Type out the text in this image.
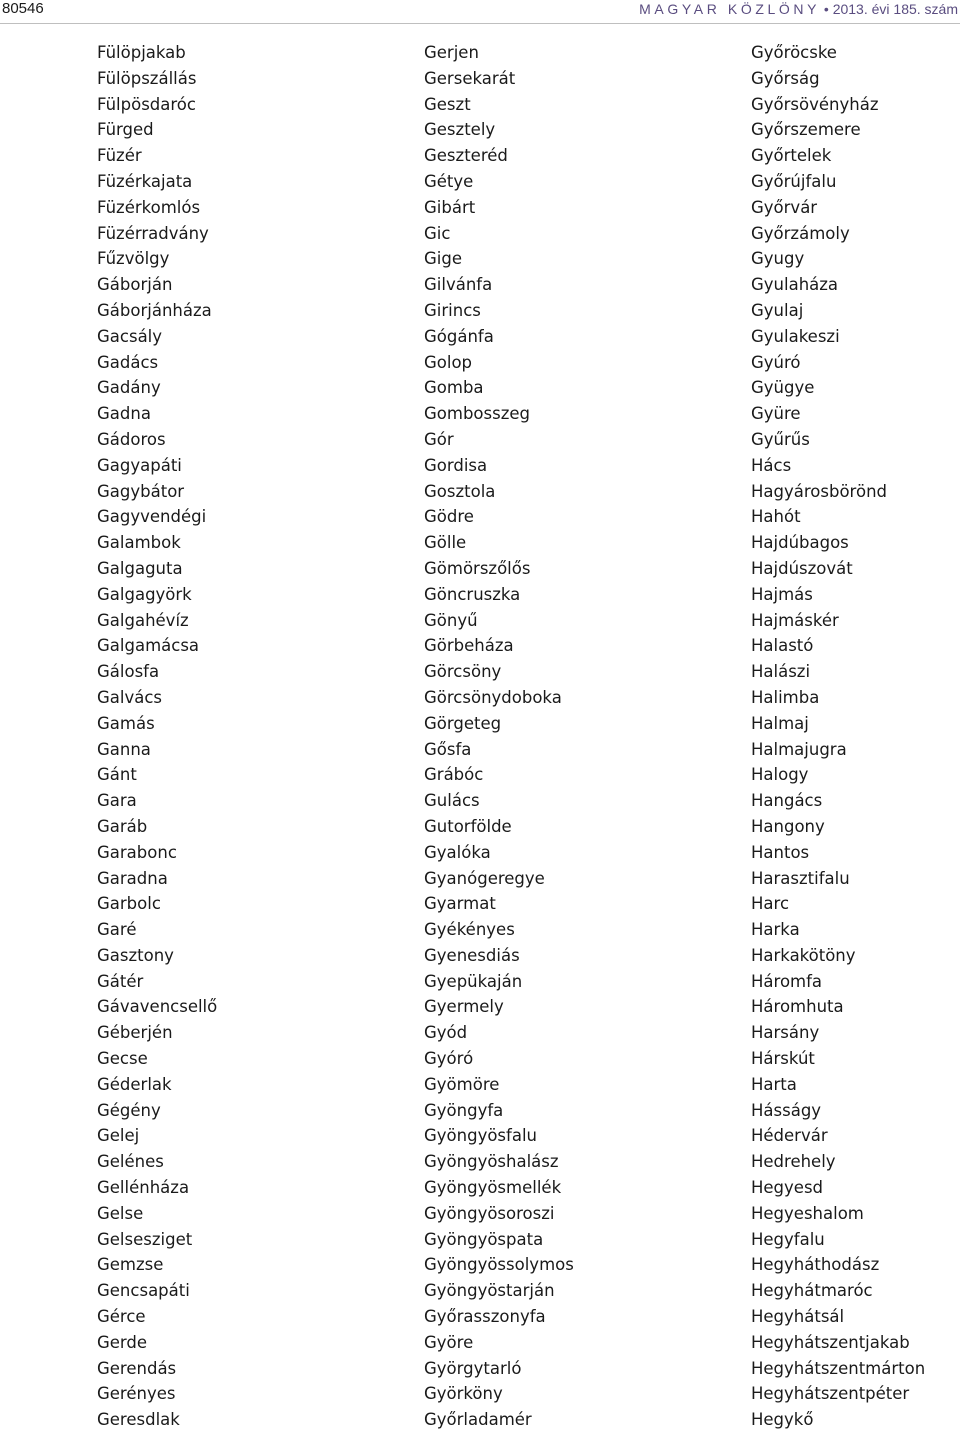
80546	MAGYAR KÖZLÖNY • 2013. évi 185. szám
Fülöpjakab
Fülöpszállás
Fülpösdaróc
Fürged
Füzér
Füzérkajata
Füzérkomlós
Füzérradvány
Fűzvölgy
Gáborján
Gáborjánháza
Gacsály
Gadács
Gadány
Gadna
Gádoros
Gagyapáti
Gagybátor
Gagyvendégi
Galambok
Galgaguta
Galgagyörk
Galgahévíz
Galgamácsa
Gálosfa
Galvács
Gamás
Ganna
Gánt
Gara
Garáb
Garabonc
Garadna
Garbolc
Garé
Gasztony
Gátér
Gávavencsellő
Géberjén
Gecse
Géderlak
Gégény
Gelej
Gelénes
Gellénháza
Gelse
Gelsesziget
Gemzse
Gencsapáti
Gérce
Gerde
Gerendás
Gerényes
Geresdlak
Gerjen
Gersekarát
Geszt
Gesztely
Geszteréd
Gétye
Gibárt
Gic
Gige
Gilvánfa
Girincs
Gógánfa
Golop
Gomba
Gombosszeg
Gór
Gordisa
Gosztola
Gödre
Gölle
Gömörszőlős
Göncruszka
Gönyű
Görbeháza
Görcsöny
Görcsönydoboka
Görgeteg
Gősfa
Grábóc
Gulács
Gutorfölde
Gyalóka
Gyanógeregye
Gyarmat
Gyékényes
Gyenesdiás
Gyepükaján
Gyermely
Gyód
Gyóró
Gyömöre
Gyöngyfa
Gyöngyösfalu
Gyöngyöshalász
Gyöngyösmellék
Gyöngyösoroszi
Gyöngyöspata
Gyöngyössolymos
Gyöngyöstarján
Győrasszonyfa
Györe
Györgytarló
Györköny
Győrladamér
Győröcske
Győrság
Győrsövényház
Győrszemere
Győrtelek
Győrújfalu
Győrvár
Győrzámoly
Gyugy
Gyulaháza
Gyulaj
Gyulakeszi
Gyúró
Gyügye
Gyüre
Gyűrűs
Hács
Hagyárosbörönd
Hahót
Hajdúbagos
Hajdúszovát
Hajmás
Hajmáskér
Halastó
Halászi
Halimba
Halmaj
Halmajugra
Halogy
Hangács
Hangony
Hantos
Harasztifalu
Harc
Harka
Harkakötöny
Háromfa
Háromhuta
Harsány
Hárskút
Harta
Hásságy
Hédervár
Hedrehely
Hegyesd
Hegyeshalom
Hegyfalu
Hegyháthodász
Hegyhátmaróc
Hegyhátsál
Hegyhátszentjakab
Hegyhátszentmárton
Hegyhátszentpéter
Hegykő
